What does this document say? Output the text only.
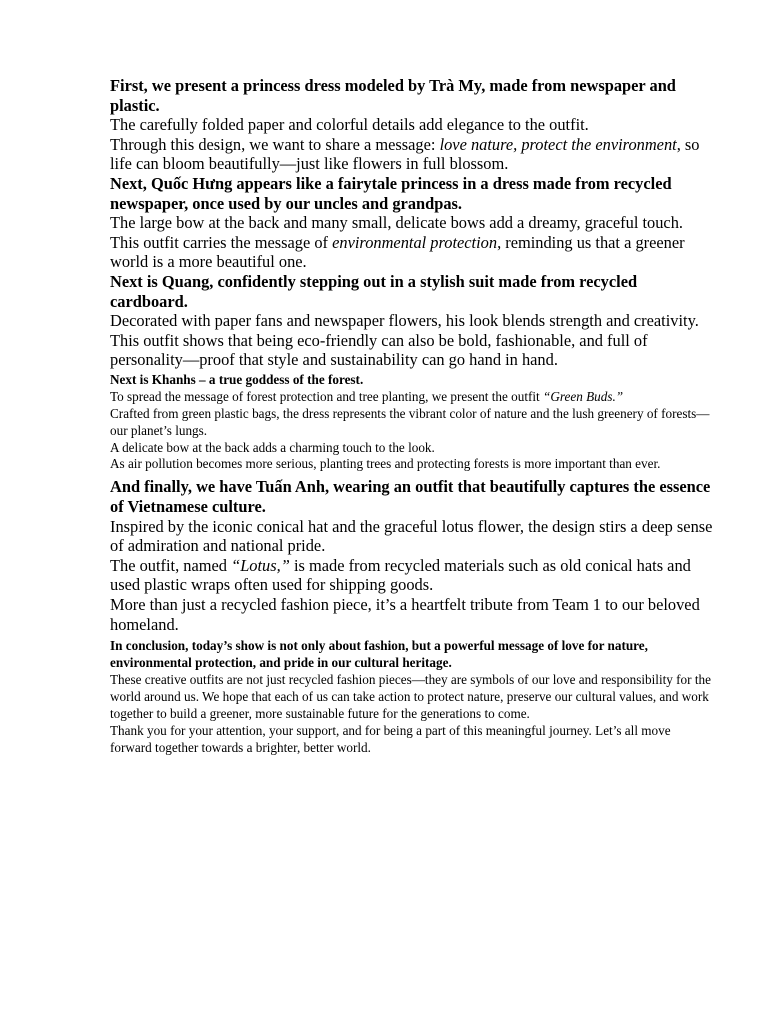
First, we present a princess dress modeled by Trà My, made from newspaper and plastic.

The carefully folded paper and colorful details add elegance to the outfit.

Through this design, we want to share a message: love nature, protect the environment, so life can bloom beautifully—just like flowers in full blossom.

Next, Quốc Hưng appears like a fairytale princess in a dress made from recycled newspaper, once used by our uncles and grandpas.

The large bow at the back and many small, delicate bows add a dreamy, graceful touch.

This outfit carries the message of environmental protection, reminding us that a greener world is a more beautiful one.

Next is Quang, confidently stepping out in a stylish suit made from recycled cardboard.

Decorated with paper fans and newspaper flowers, his look blends strength and creativity.

This outfit shows that being eco-friendly can also be bold, fashionable, and full of personality—proof that style and sustainability can go hand in hand.

Next is Khanhs – a true goddess of the forest.

To spread the message of forest protection and tree planting, we present the outfit “Green Buds.”

Crafted from green plastic bags, the dress represents the vibrant color of nature and the lush greenery of forests—our planet’s lungs.

A delicate bow at the back adds a charming touch to the look.

As air pollution becomes more serious, planting trees and protecting forests is more important than ever.

And finally, we have Tuấn Anh, wearing an outfit that beautifully captures the essence of Vietnamese culture.

Inspired by the iconic conical hat and the graceful lotus flower, the design stirs a deep sense of admiration and national pride.

The outfit, named “Lotus,” is made from recycled materials such as old conical hats and used plastic wraps often used for shipping goods.

More than just a recycled fashion piece, it’s a heartfelt tribute from Team 1 to our beloved homeland.

In conclusion, today’s show is not only about fashion, but a powerful message of love for nature, environmental protection, and pride in our cultural heritage.

These creative outfits are not just recycled fashion pieces—they are symbols of our love and responsibility for the world around us. We hope that each of us can take action to protect nature, preserve our cultural values, and work together to build a greener, more sustainable future for the generations to come.

Thank you for your attention, your support, and for being a part of this meaningful journey. Let’s all move forward together towards a brighter, better world.
